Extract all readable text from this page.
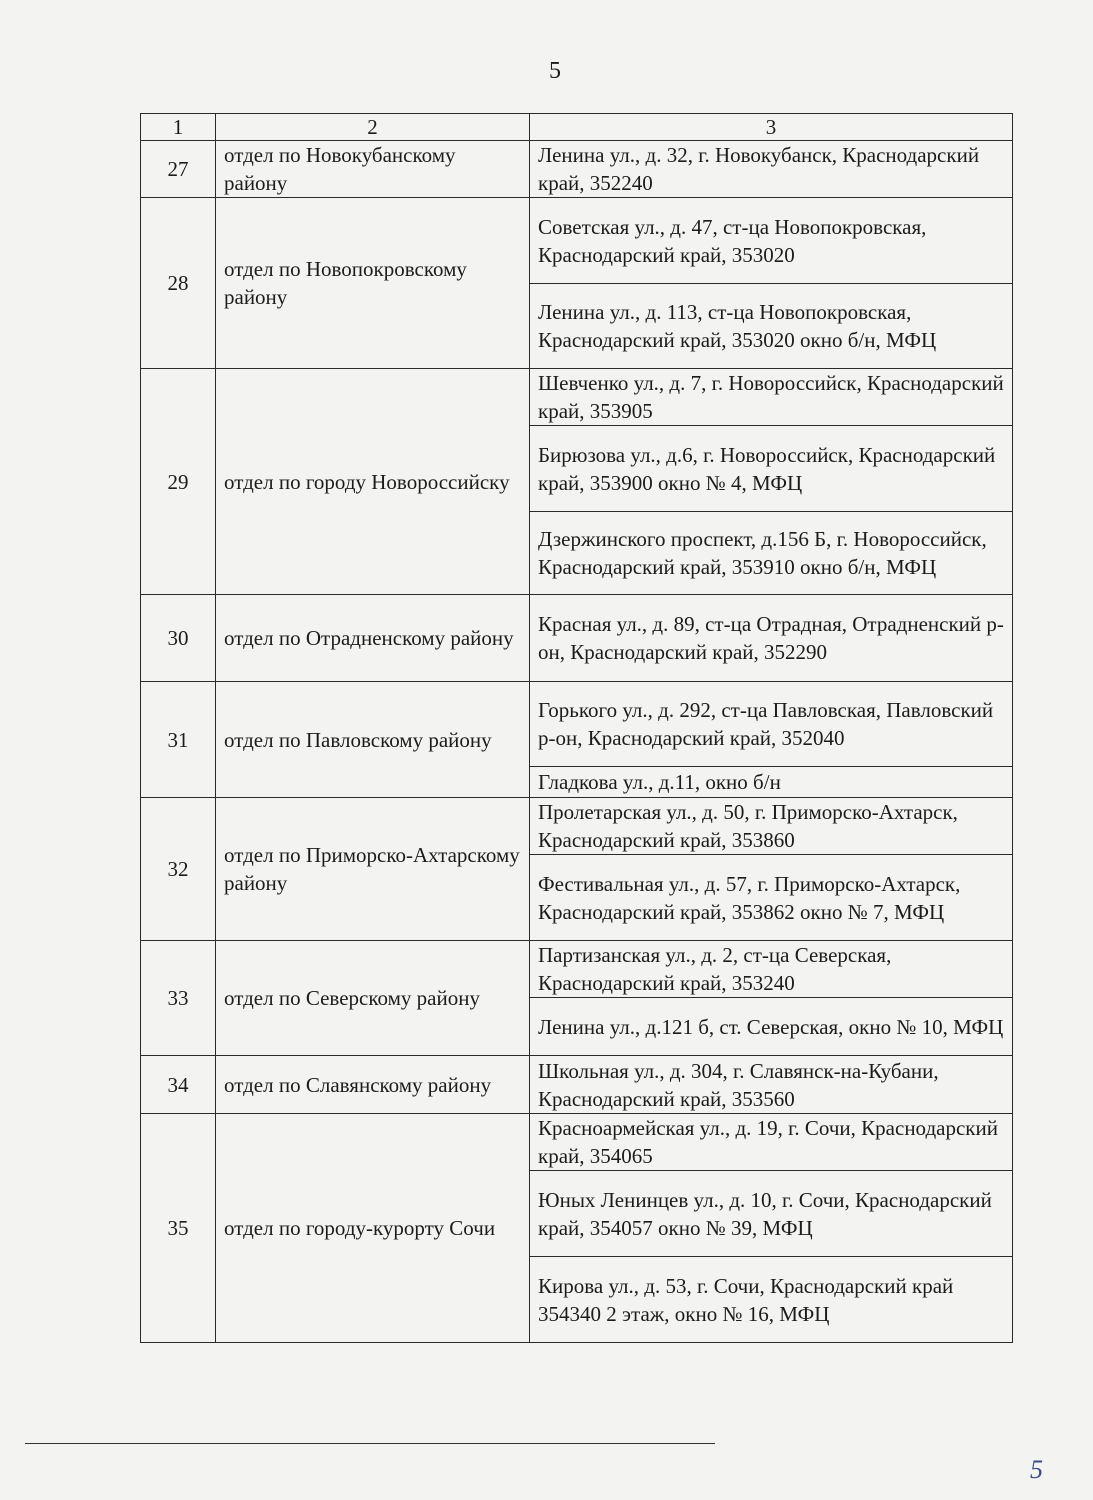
5
1	2	3
27	отдел по Новокубанскому району	Ленина ул., д. 32, г. Новокубанск, Краснодарский край, 352240
28	отдел по Новопокровскому району	Советская ул., д. 47, ст-ца Новопокровская, Краснодарский край, 353020
		Ленина ул., д. 113, ст-ца Новопокровская, Краснодарский край, 353020 окно б/н, МФЦ
29	отдел по городу Новороссийску	Шевченко ул., д. 7, г. Новороссийск, Краснодарский край, 353905
		Бирюзова ул., д.6, г. Новороссийск, Краснодарский край, 353900 окно № 4, МФЦ
		Дзержинского проспект, д.156 Б, г. Новороссийск, Краснодарский край, 353910 окно б/н, МФЦ
30	отдел по Отрадненскому району	Красная ул., д. 89, ст-ца Отрадная, Отрадненский р-он, Краснодарский край, 352290
31	отдел по Павловскому району	Горького ул., д. 292, ст-ца Павловская, Павловский р-он, Краснодарский край, 352040
		Гладкова ул., д.11, окно б/н
32	отдел по Приморско-Ахтарскому району	Пролетарская ул., д. 50, г. Приморско-Ахтарск, Краснодарский край, 353860
		Фестивальная ул., д. 57, г. Приморско-Ахтарск, Краснодарский край, 353862 окно № 7, МФЦ
33	отдел по Северскому району	Партизанская ул., д. 2, ст-ца Северская, Краснодарский край, 353240
		Ленина ул., д.121 б, ст. Северская, окно № 10, МФЦ
34	отдел по Славянскому району	Школьная ул., д. 304, г. Славянск-на-Кубани, Краснодарский край, 353560
35	отдел по городу-курорту Сочи	Красноармейская ул., д. 19, г. Сочи, Краснодарский край, 354065
		Юных Ленинцев ул., д. 10, г. Сочи, Краснодарский край, 354057 окно № 39, МФЦ
		Кирова ул., д. 53, г. Сочи, Краснодарский край 354340 2 этаж, окно № 16, МФЦ
5
